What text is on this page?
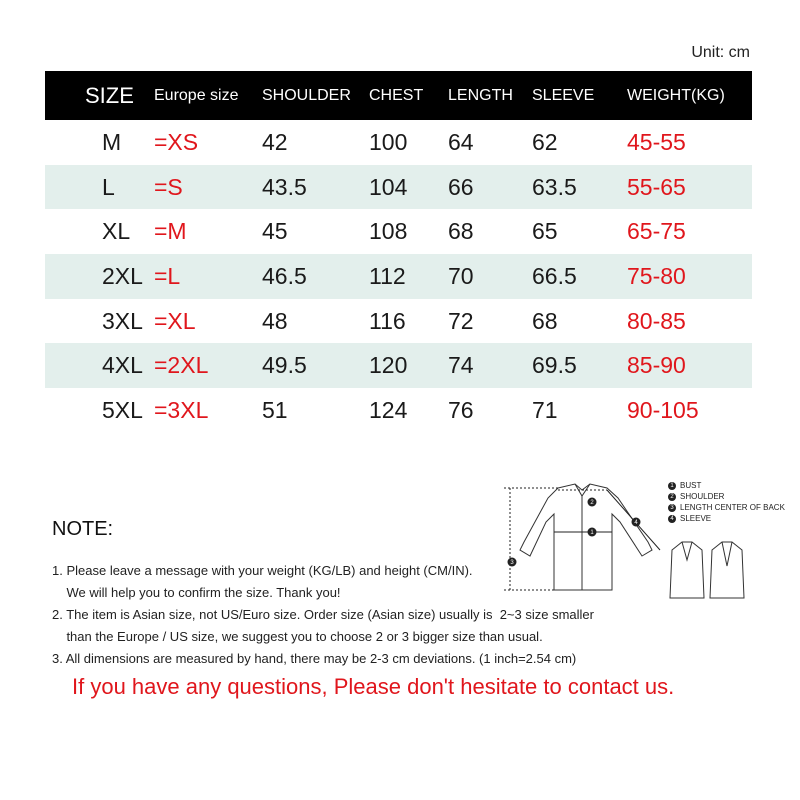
Unit: cm
SIZE	Europe size	SHOULDER	CHEST	LENGTH	SLEEVE	WEIGHT(KG)
M	=XS	42	100	64	62	45-55
L	=S	43.5	104	66	63.5	55-65
XL	=M	45	108	68	65	65-75
2XL	=L	46.5	112	70	66.5	75-80
3XL	=XL	48	116	72	68	80-85
4XL	=2XL	49.5	120	74	69.5	85-90
5XL	=3XL	51	124	76	71	90-105
1
2
3
4
1 BUST
2 SHOULDER
3 LENGTH CENTER OF BACK
4 SLEEVE
NOTE:
1. Please leave a message with your weight (KG/LB) and height (CM/IN).
We will help you to confirm the size. Thank you!
2. The item is Asian size, not US/Euro size. Order size (Asian size) usually is  2~3 size smaller
than the Europe / US size, we suggest you to choose 2 or 3 bigger size than usual.
3. All dimensions are measured by hand, there may be 2-3 cm deviations. (1 inch=2.54 cm)
If you have any questions, Please don't hesitate to contact us.
